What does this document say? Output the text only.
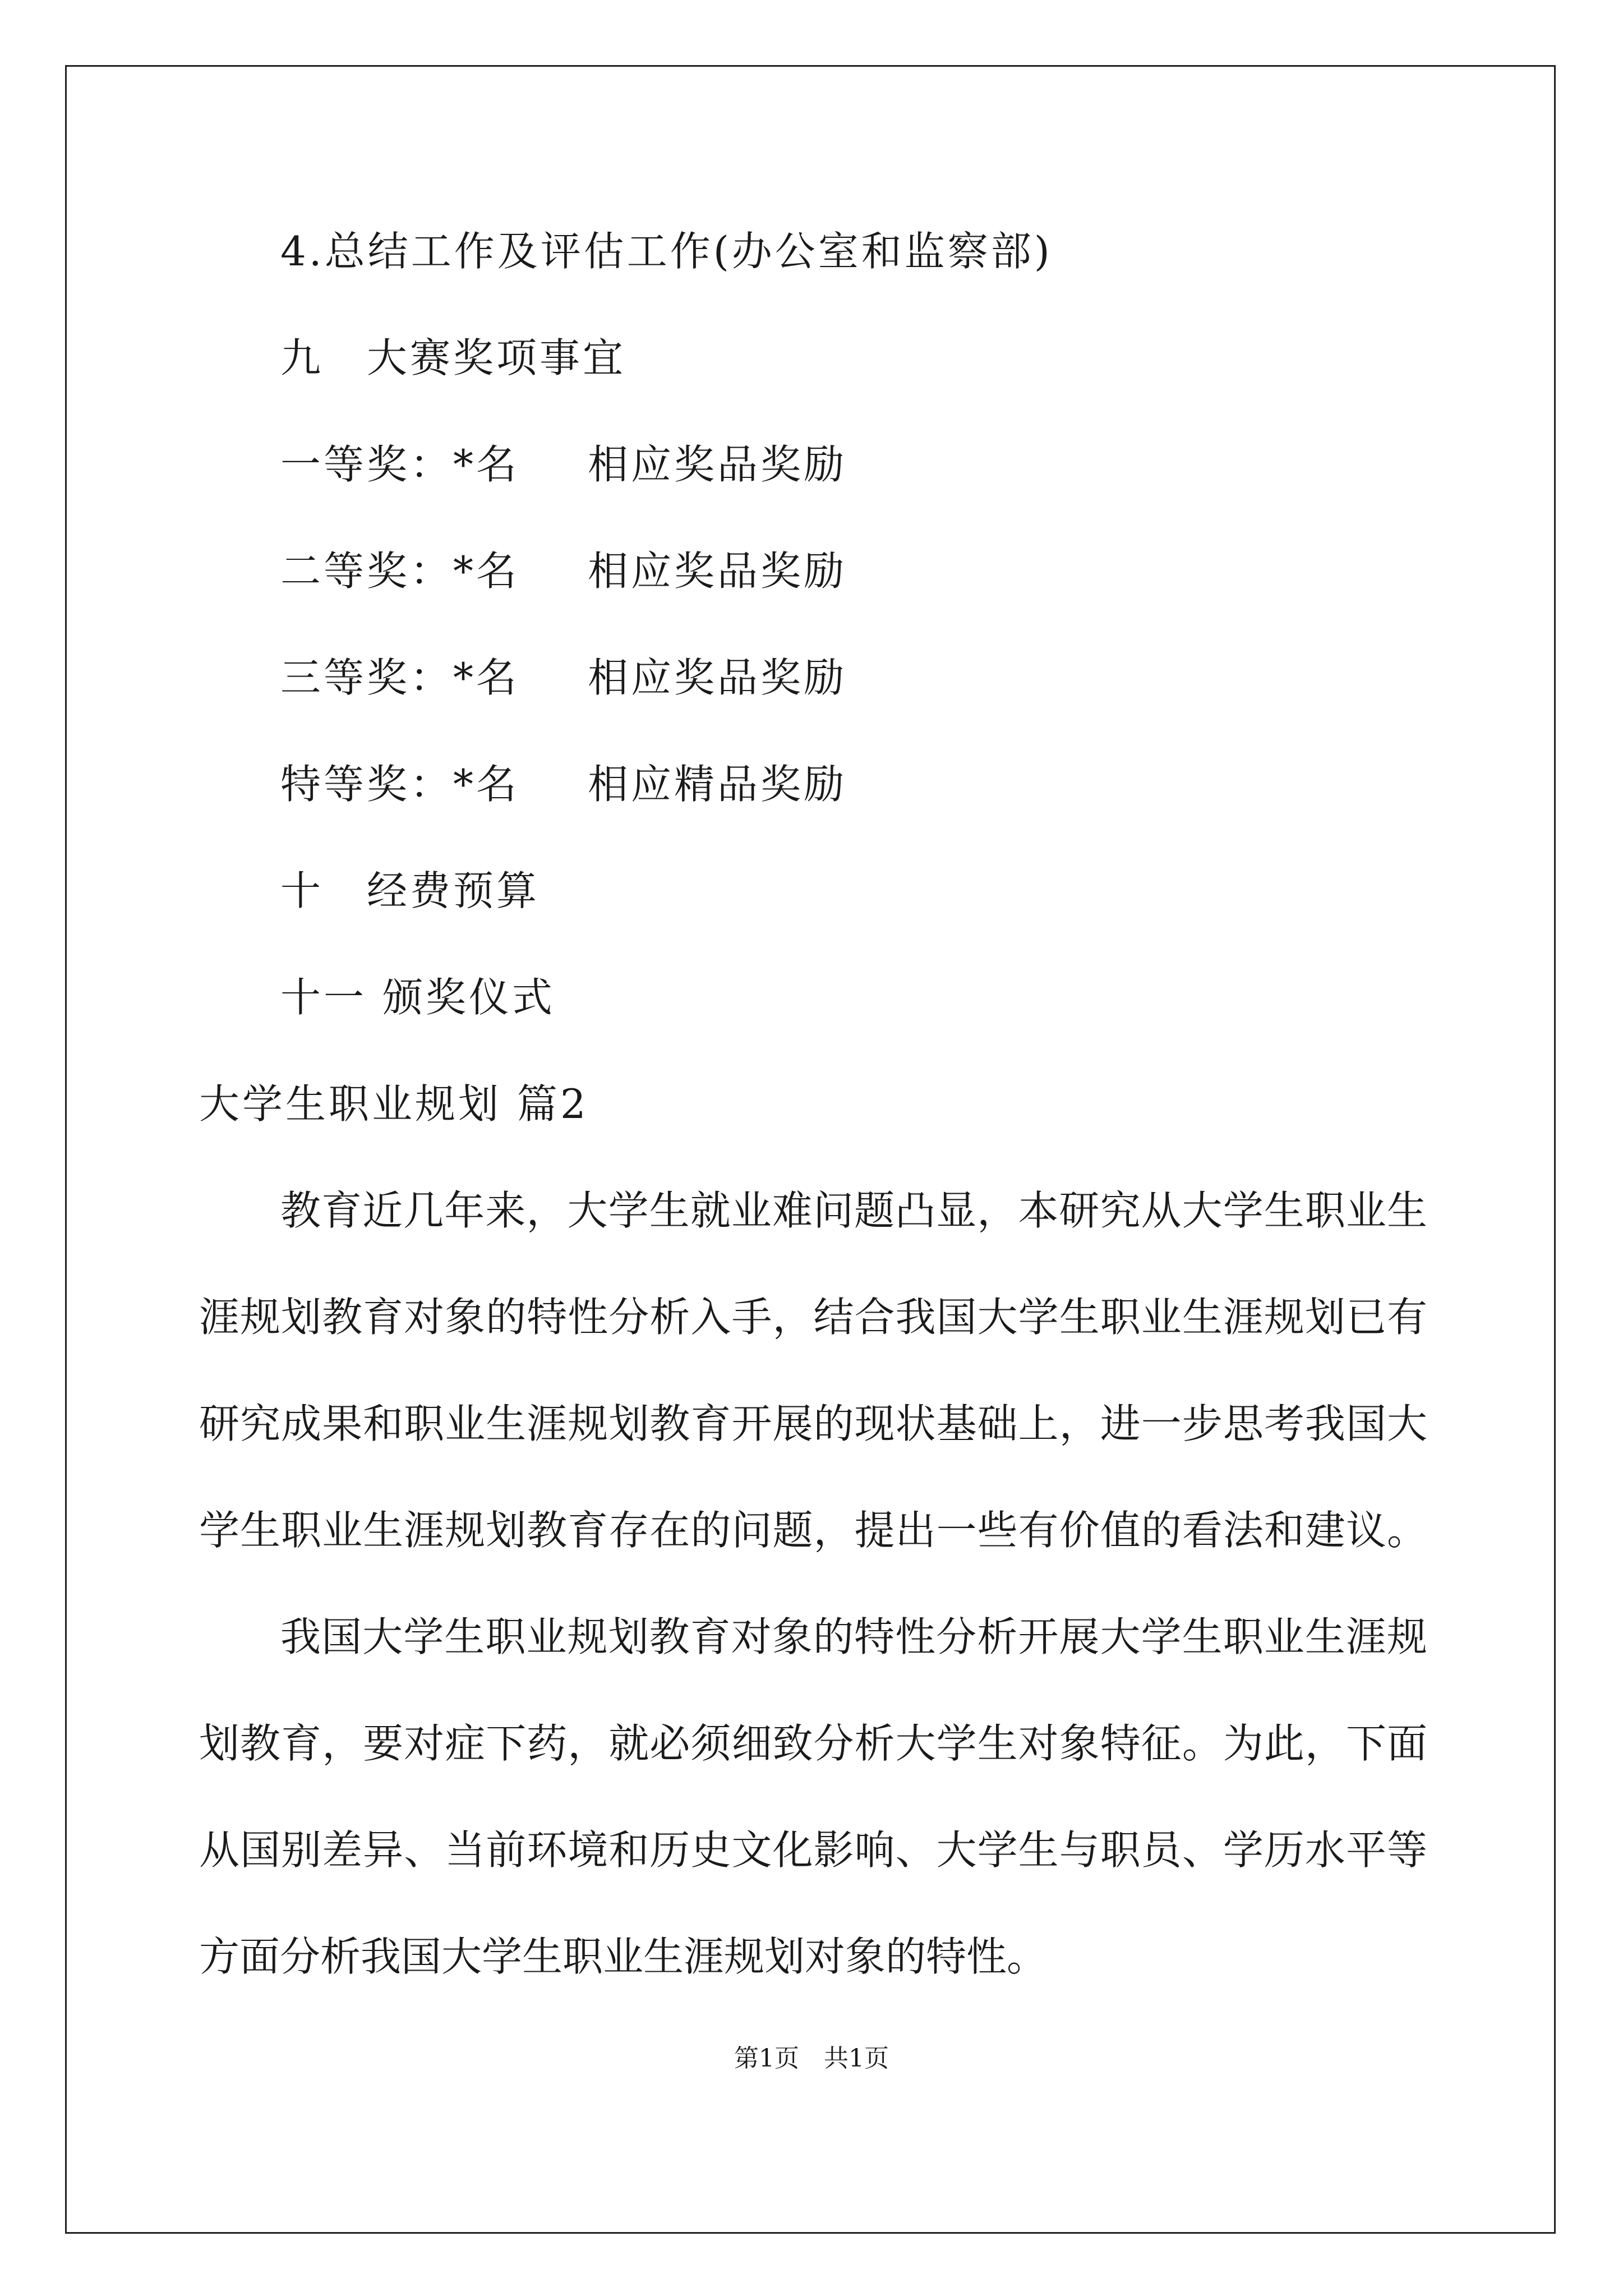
4.总结工作及评估工作(办公室和监察部)
九　大赛奖项事宜
一等奖：*名 相应奖品奖励
二等奖：*名 相应奖品奖励
三等奖：*名 相应奖品奖励
特等奖：*名 相应精品奖励
十　经费预算
十一 颁奖仪式
大学生职业规划 篇2
教育近几年来，大学生就业难问题凸显，本研究从大学生职业生
涯规划教育对象的特性分析入手，结合我国大学生职业生涯规划已有
研究成果和职业生涯规划教育开展的现状基础上，进一步思考我国大
学生职业生涯规划教育存在的问题，提出一些有价值的看法和建议。
我国大学生职业规划教育对象的特性分析开展大学生职业生涯规
划教育，要对症下药，就必须细致分析大学生对象特征。为此，下面
从国别差异、当前环境和历史文化影响、大学生与职员、学历水平等
方面分析我国大学生职业生涯规划对象的特性。
第1页　共1页
